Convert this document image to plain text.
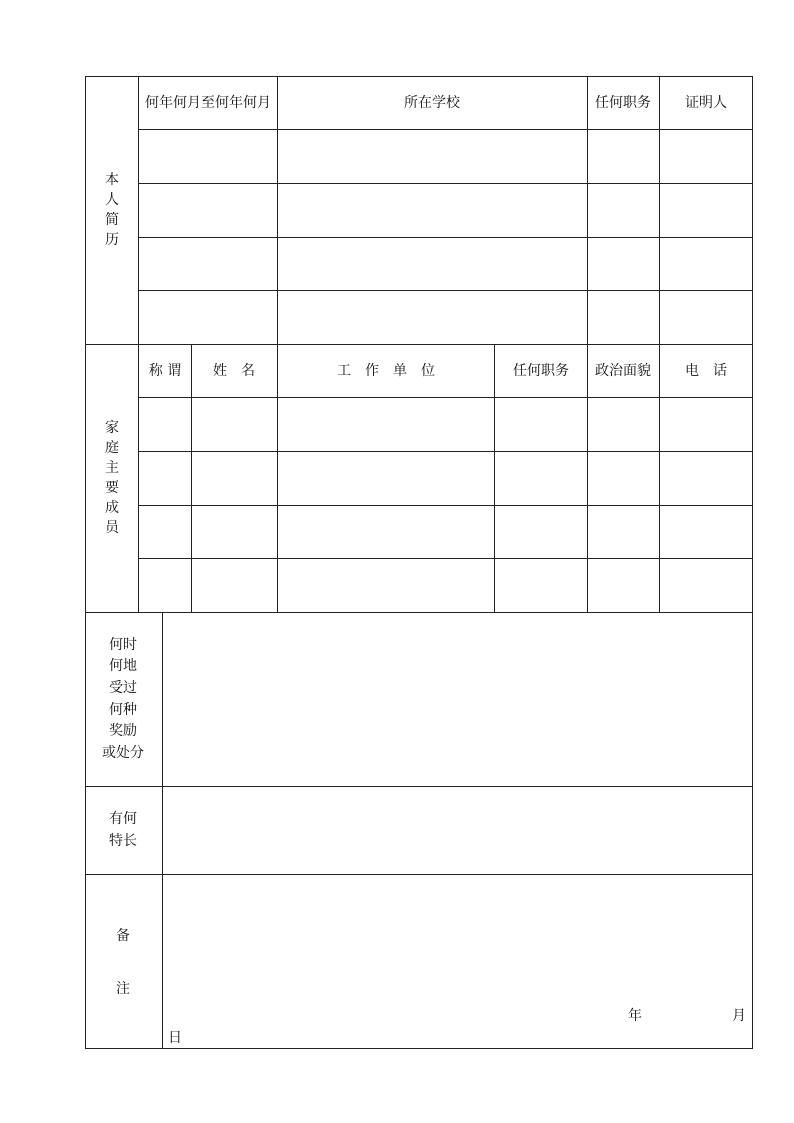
本
人
简
历
何年何月至何年何月	所在学校	任何职务 证明人
家
庭
主
要
成
员
称 谓 姓　名	工　作　单　位	任何职务 政治面貌 电　话
何时
何地
受过
何种
奖励
或处分
有何
特长
备
注
年	月
日
